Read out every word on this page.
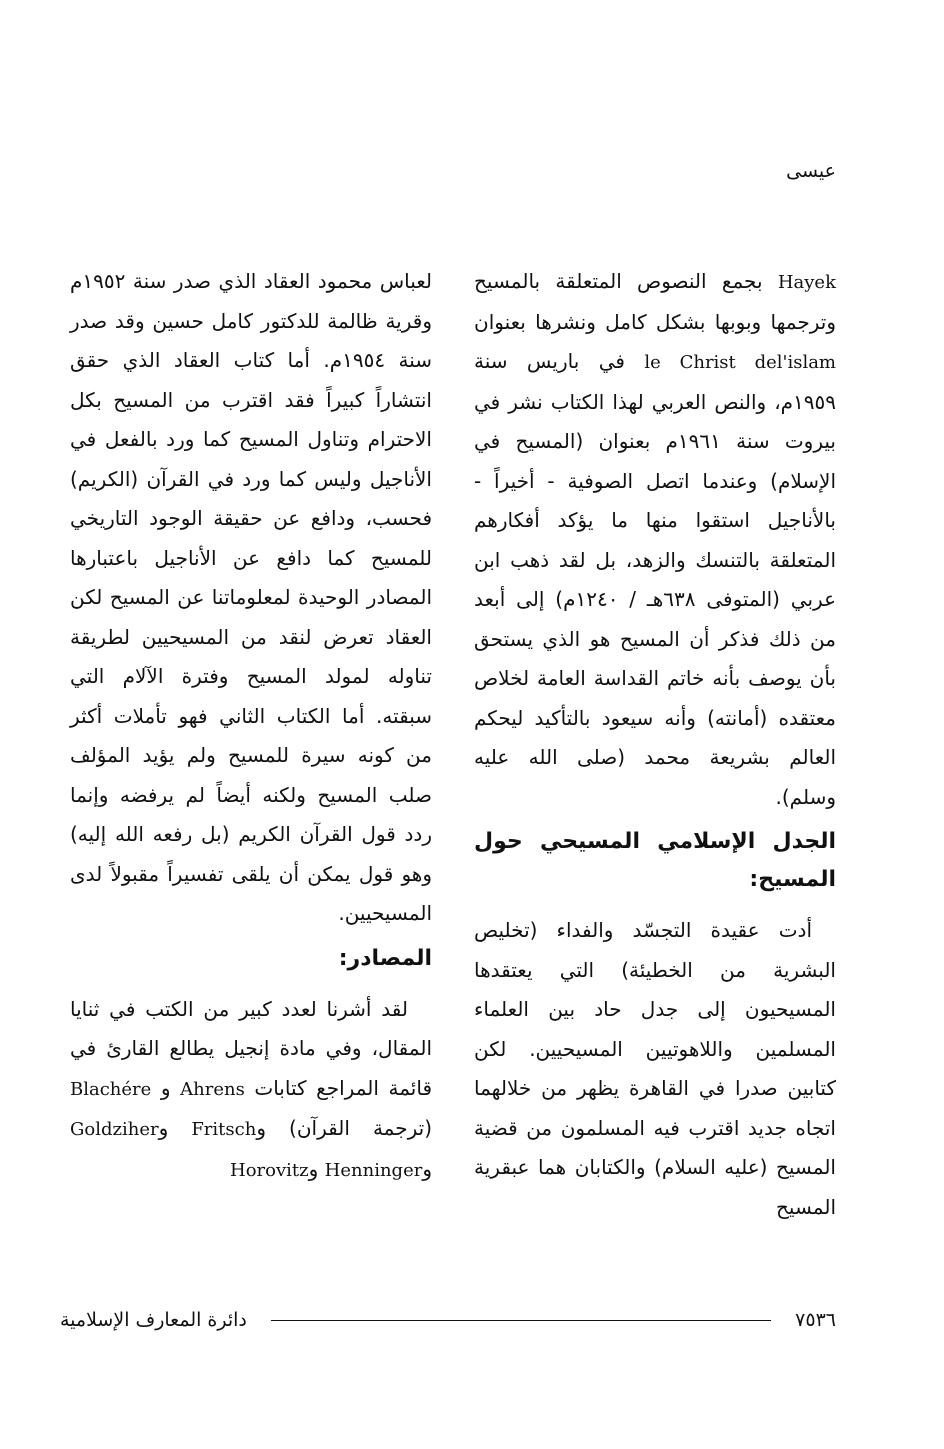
عيسى

Hayek بجمع النصوص المتعلقة بالمسيح وترجمها وبوبها بشكل كامل ونشرها بعنوان le Christ del'islam في باريس سنة ١٩٥٩م، والنص العربي لهذا الكتاب نشر في بيروت سنة ١٩٦١م بعنوان (المسيح في الإسلام) وعندما اتصل الصوفية - أخيراً - بالأناجيل استقوا منها ما يؤكد أفكارهم المتعلقة بالتنسك والزهد، بل لقد ذهب ابن عربي (المتوفى ٦٣٨هـ / ١٢٤٠م) إلى أبعد من ذلك فذكر أن المسيح هو الذي يستحق بأن يوصف بأنه خاتم القداسة العامة لخلاص معتقده (أمانته) وأنه سيعود بالتأكيد ليحكم العالم بشريعة محمد (صلى الله عليه وسلم).

الجدل الإسلامي المسيحي حول المسيح:

أدت عقيدة التجسّد والفداء (تخليص البشرية من الخطيئة) التي يعتقدها المسيحيون إلى جدل حاد بين العلماء المسلمين واللاهوتيين المسيحيين. لكن كتابين صدرا في القاهرة يظهر من خلالهما اتجاه جديد اقترب فيه المسلمون من قضية المسيح (عليه السلام) والكتابان هما عبقرية المسيح

لعباس محمود العقاد الذي صدر سنة ١٩٥٢م وقرية ظالمة للدكتور كامل حسين وقد صدر سنة ١٩٥٤م. أما كتاب العقاد الذي حقق انتشاراً كبيراً فقد اقترب من المسيح بكل الاحترام وتناول المسيح كما ورد بالفعل في الأناجيل وليس كما ورد في القرآن (الكريم) فحسب، ودافع عن حقيقة الوجود التاريخي للمسيح كما دافع عن الأناجيل باعتبارها المصادر الوحيدة لمعلوماتنا عن المسيح لكن العقاد تعرض لنقد من المسيحيين لطريقة تناوله لمولد المسيح وفترة الآلام التي سبقته. أما الكتاب الثاني فهو تأملات أكثر من كونه سيرة للمسيح ولم يؤيد المؤلف صلب المسيح ولكنه أيضاً لم يرفضه وإنما ردد قول القرآن الكريم (بل رفعه الله إليه) وهو قول يمكن أن يلقى تفسيراً مقبولاً لدى المسيحيين.

المصادر:

لقد أشرنا لعدد كبير من الكتب في ثنايا المقال، وفي مادة إنجيل يطالع القارئ في قائمة المراجع كتابات Ahrens و Blachére (ترجمة القرآن) وFritsch وGoldziher وHenninger وHorovitz

٧٥٣٦
دائرة المعارف الإسلامية
